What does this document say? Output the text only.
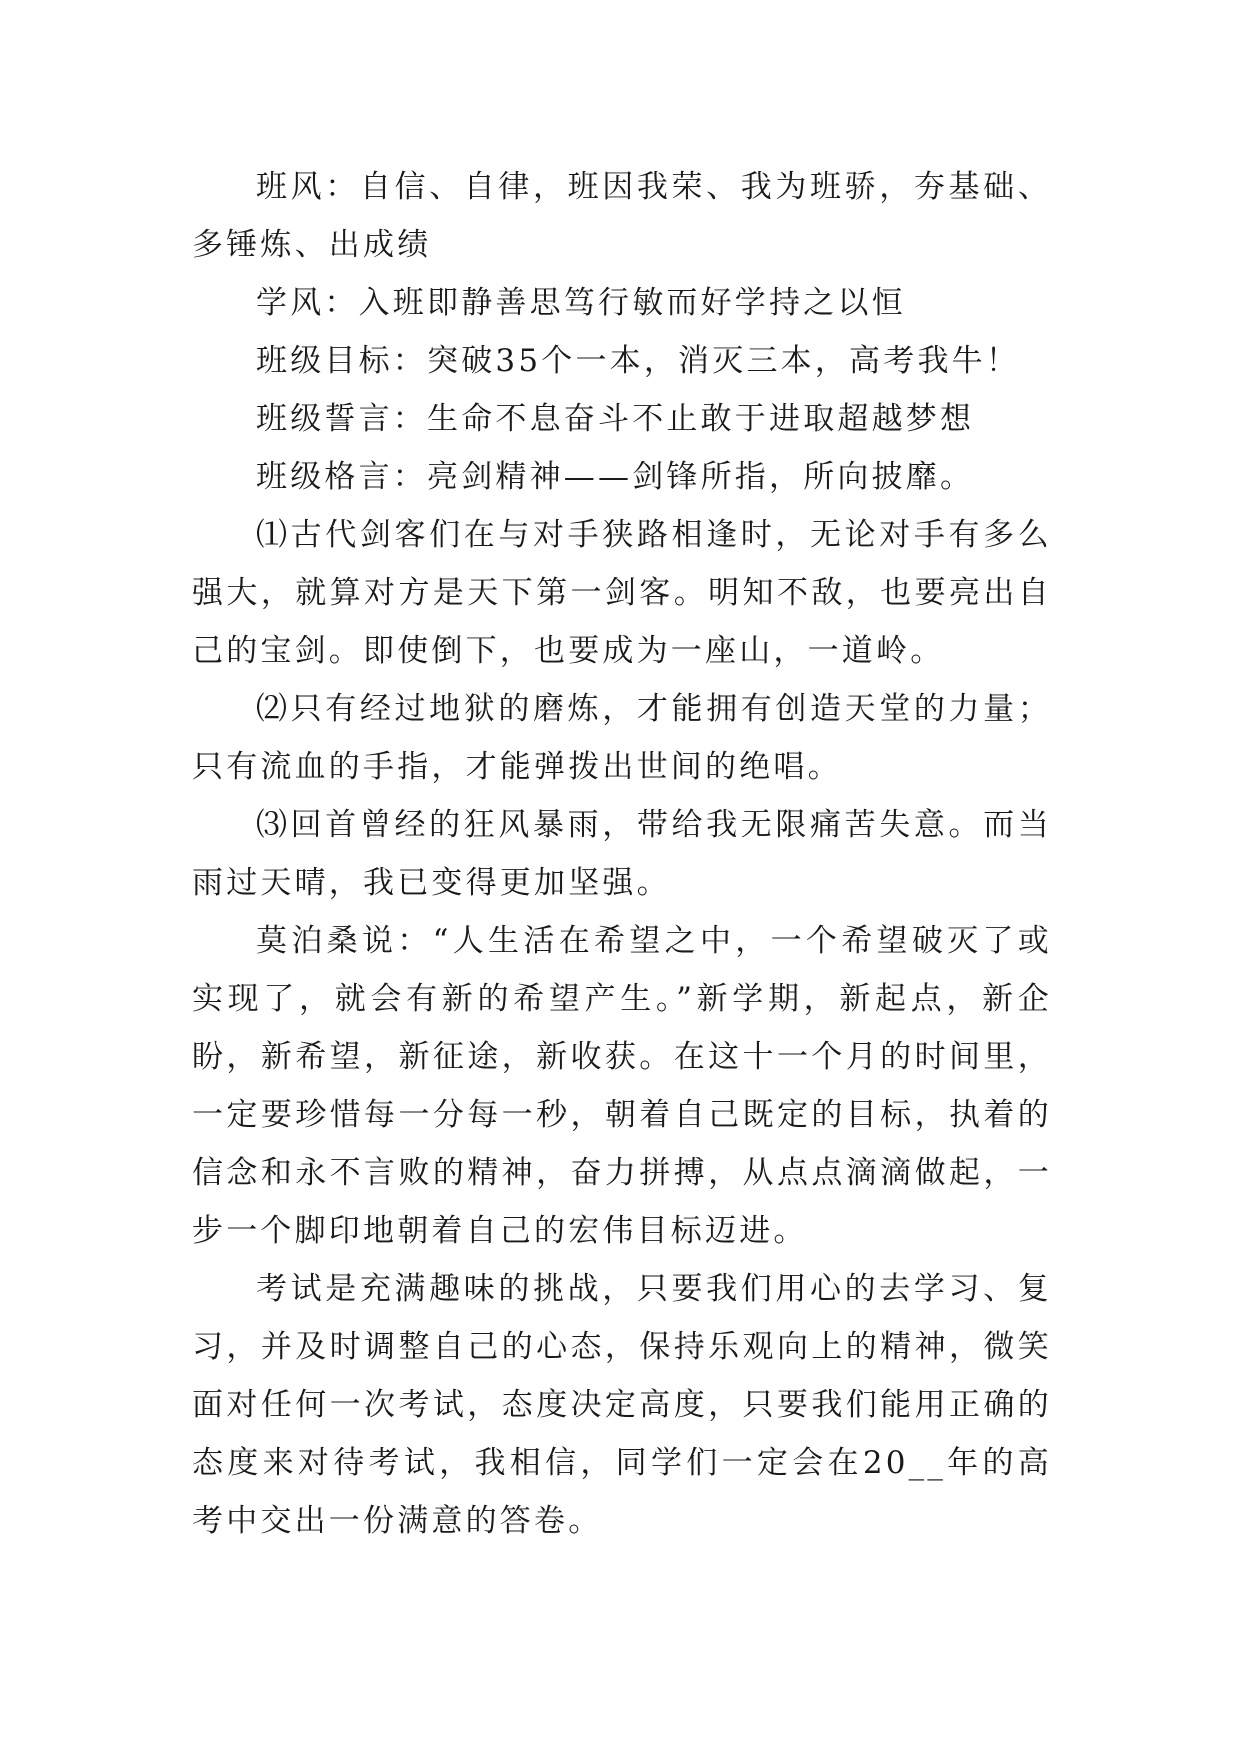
班风：自信、自律，班因我荣、我为班骄，夯基础、多锤炼、出成绩

学风：入班即静善思笃行敏而好学持之以恒

班级目标：突破35个一本，消灭三本，高考我牛！

班级誓言：生命不息奋斗不止敢于进取超越梦想

班级格言：亮剑精神——剑锋所指，所向披靡。

⑴古代剑客们在与对手狭路相逢时，无论对手有多么强大，就算对方是天下第一剑客。明知不敌，也要亮出自己的宝剑。即使倒下，也要成为一座山，一道岭。

⑵只有经过地狱的磨炼，才能拥有创造天堂的力量；只有流血的手指，才能弹拨出世间的绝唱。

⑶回首曾经的狂风暴雨，带给我无限痛苦失意。而当雨过天晴，我已变得更加坚强。

莫泊桑说：“人生活在希望之中，一个希望破灭了或实现了，就会有新的希望产生。”新学期，新起点，新企盼，新希望，新征途，新收获。在这十一个月的时间里，一定要珍惜每一分每一秒，朝着自己既定的目标，执着的信念和永不言败的精神，奋力拼搏，从点点滴滴做起，一步一个脚印地朝着自己的宏伟目标迈进。

考试是充满趣味的挑战，只要我们用心的去学习、复习，并及时调整自己的心态，保持乐观向上的精神，微笑面对任何一次考试，态度决定高度，只要我们能用正确的态度来对待考试，我相信，同学们一定会在20__年的高考中交出一份满意的答卷。
